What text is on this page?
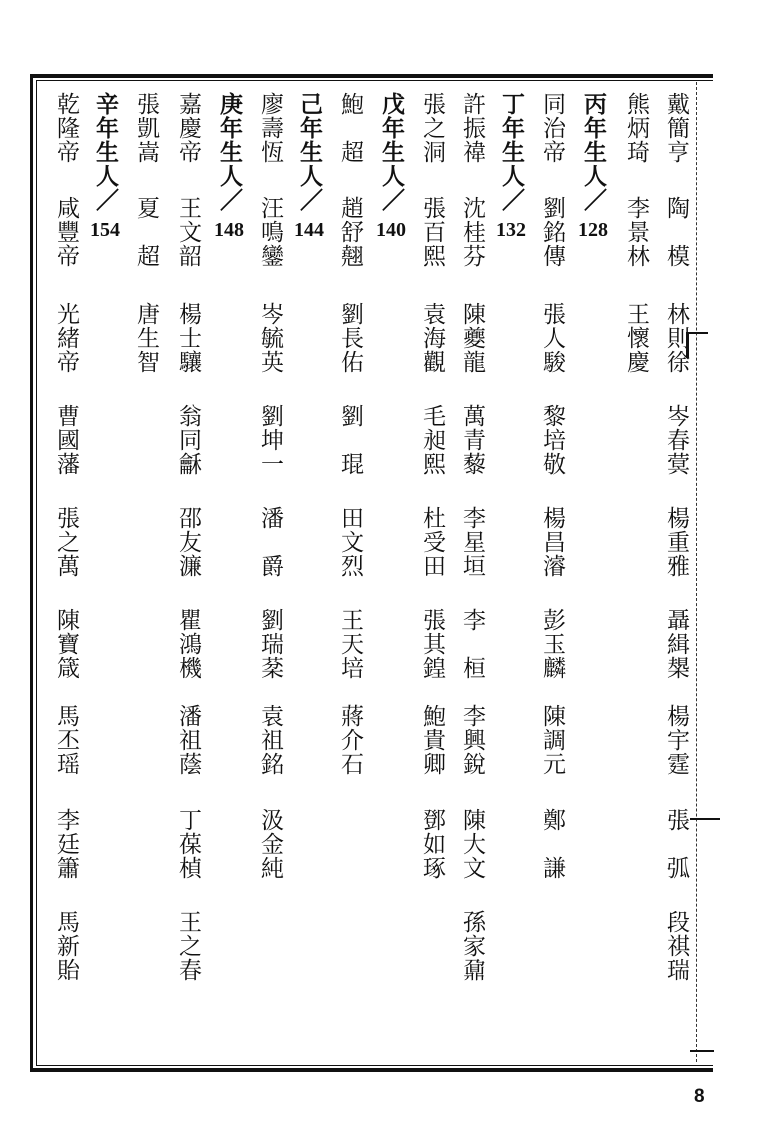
戴簡亨
陶　模
林則徐
岑春蓂
楊重雅
聶緝槼
楊宇霆
張　弧
段祺瑞
熊炳琦
李景林
王懷慶
丙年生人／128
同治帝
劉銘傳
張人駿
黎培敬
楊昌濬
彭玉麟
陳調元
鄭　謙
丁年生人／132
許振禕
沈桂芬
陳夔龍
萬青藜
李星垣
李　桓
李興銳
陳大文
孫家鼐
張之洞
張百熙
袁海觀
毛昶熙
杜受田
張其鍠
鮑貴卿
鄧如琢
戊年生人／140
鮑　超
趙舒翹
劉長佑
劉　琨
田文烈
王天培
蔣介石
己年生人／144
廖壽恆
汪鳴鑾
岑毓英
劉坤一
潘　爵
劉瑞棻
袁祖銘
汲金純
庚年生人／148
嘉慶帝
王文韶
楊士驤
翁同龢
邵友濂
瞿鴻機
潘祖蔭
丁葆楨
王之春
張凱嵩
夏　超
唐生智
辛年生人／154
乾隆帝
咸豐帝
光緒帝
曹國藩
張之萬
陳寶箴
馬丕瑶
李廷簫
馬新貽
8
